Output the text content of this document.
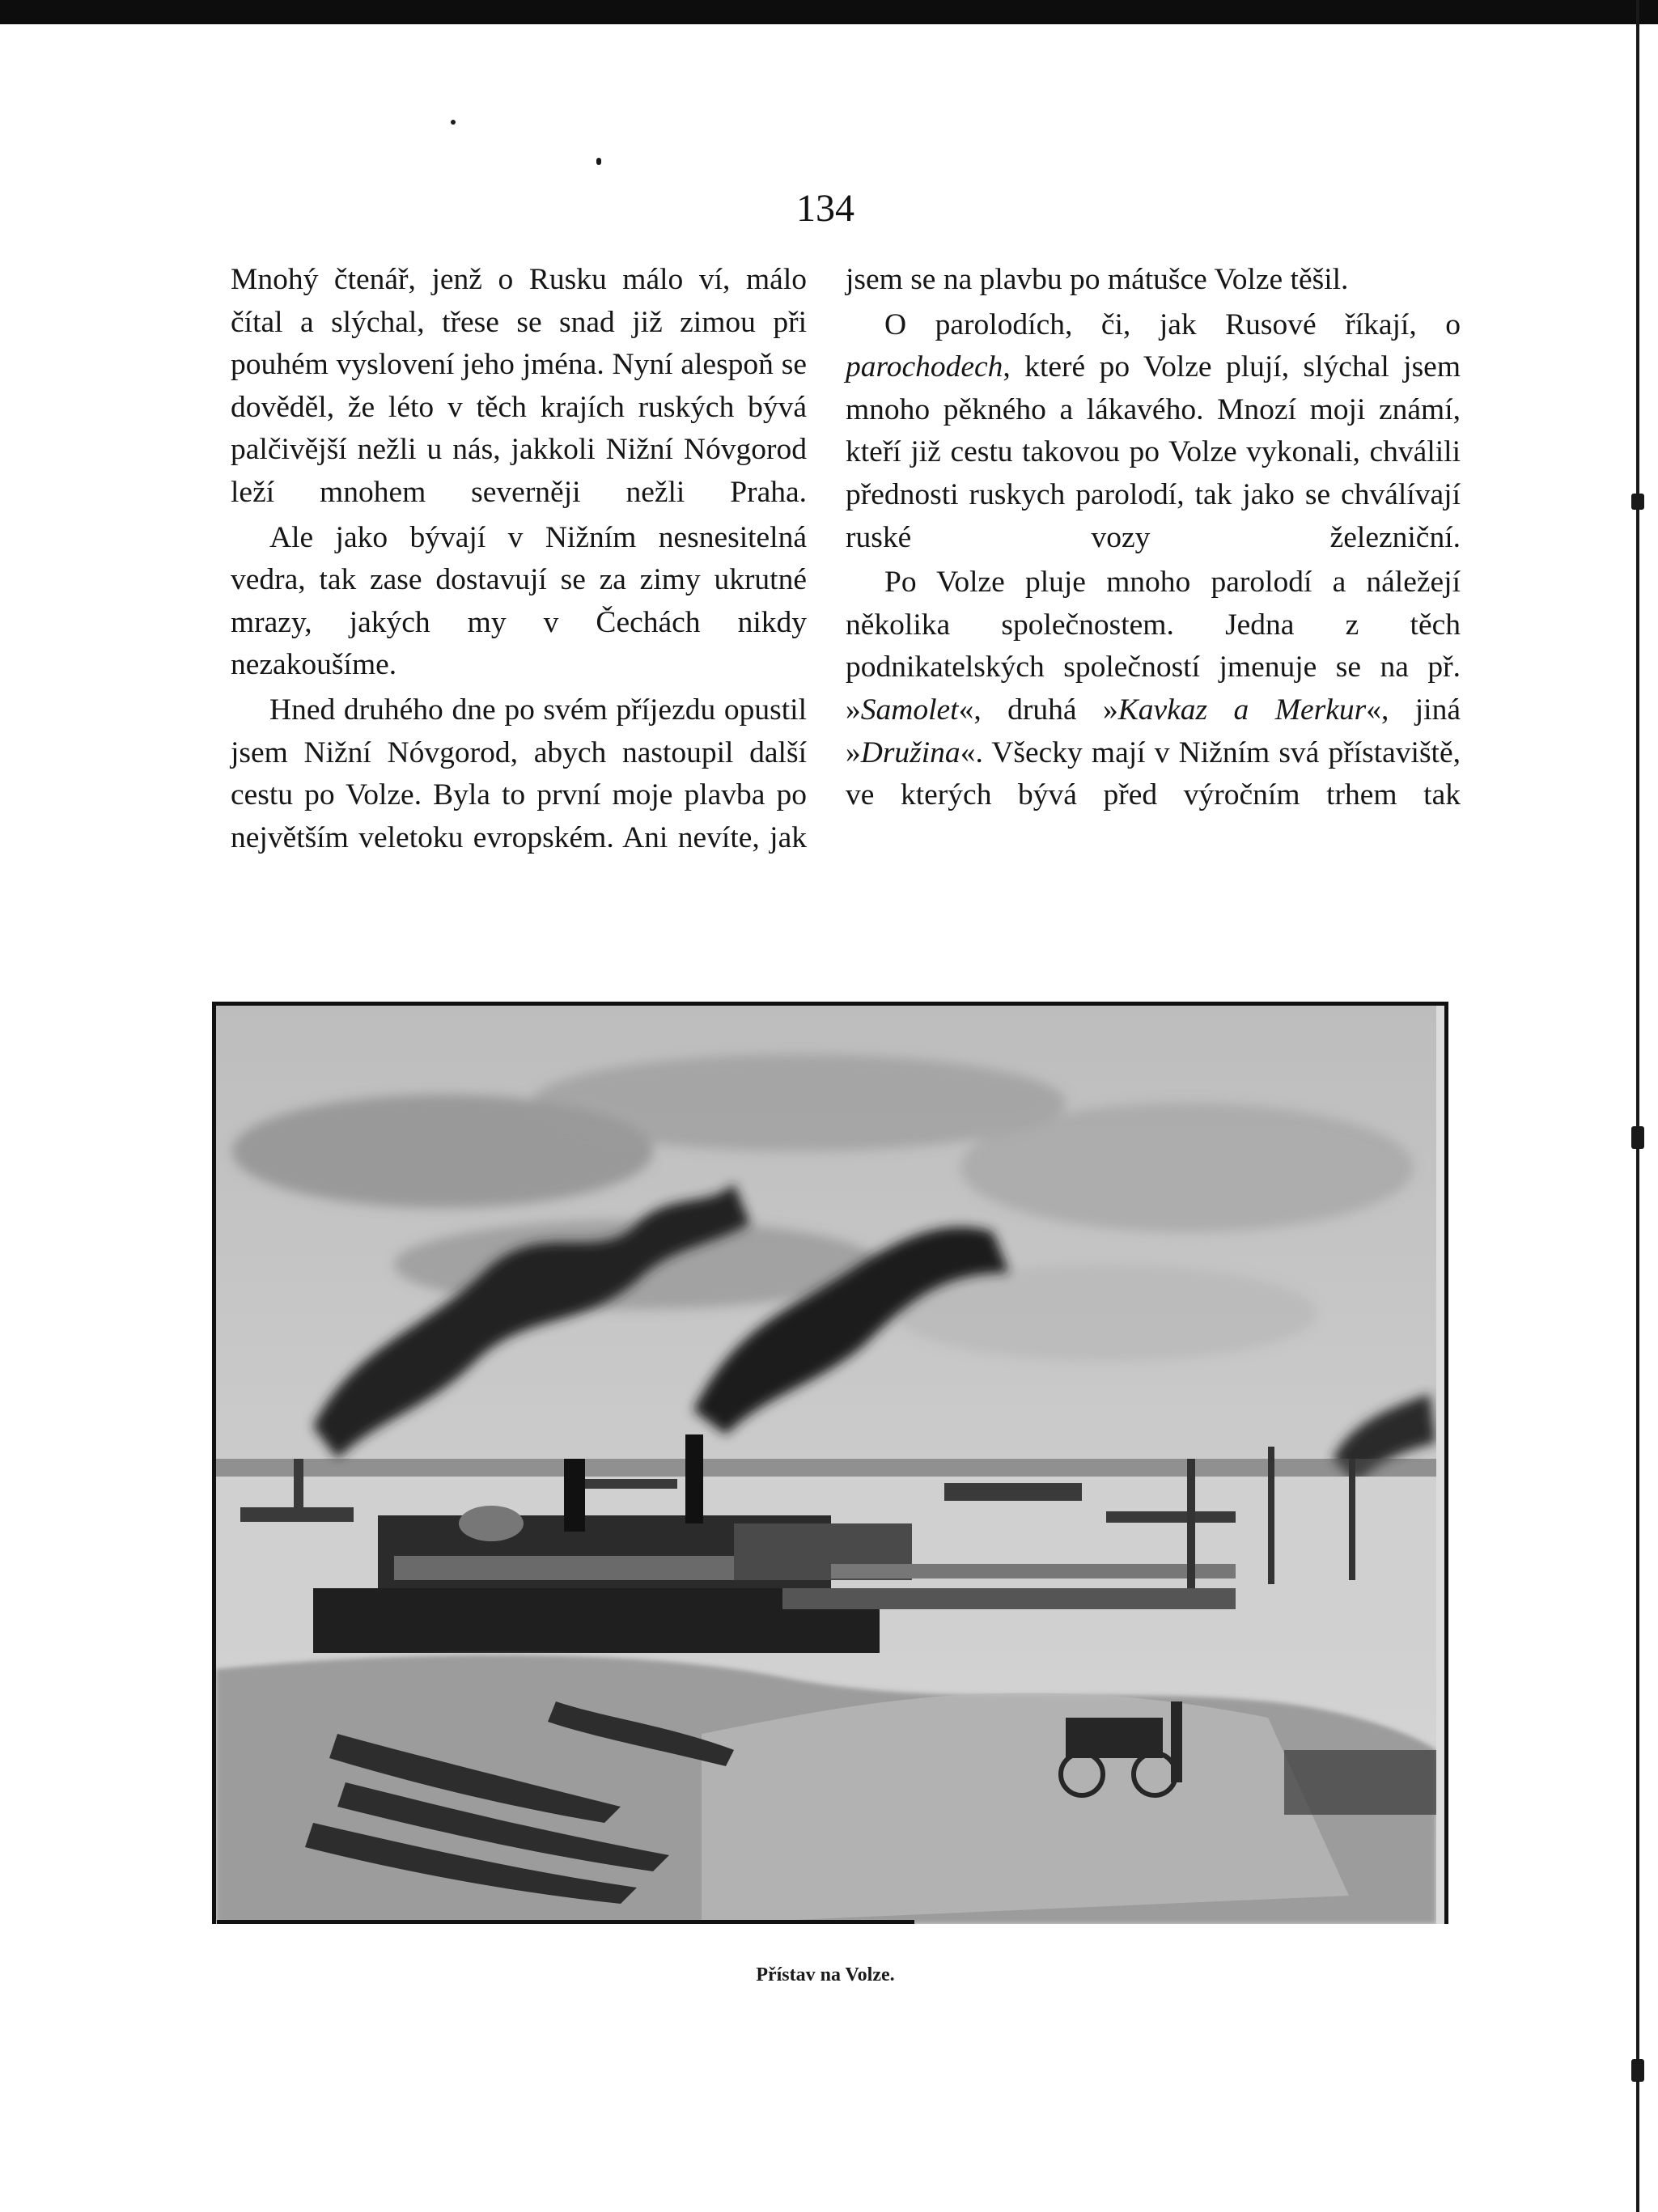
134

Mnohý čtenář, jenž o Rusku málo ví, málo čítal a slýchal, třese se snad již zimou při pouhém vyslovení jeho jména. Nyní alespoň se dověděl, že léto v těch krajích ruských bývá palčivější nežli u nás, jakkoli Nižní Nóvgorod leží mnohem severněji nežli Praha.

Ale jako bývají v Nižním nesnesitelná vedra, tak zase dostavují se za zimy ukrutné mrazy, jakých my v Čechách nikdy nezakoušíme.

Hned druhého dne po svém příjezdu opustil jsem Nižní Nóvgorod, abych nastoupil další cestu po Volze. Byla to první moje plavba po největším veletoku evropském. Ani nevíte, jak

jsem se na plavbu po mátušce Volze těšil.

O parolodích, či, jak Rusové říkají, o parochodech, které po Volze plují, slýchal jsem mnoho pěkného a lákavého. Mnozí moji známí, kteří již cestu takovou po Volze vykonali, chválili přednosti ruskych parolodí, tak jako se chválívají ruské vozy železniční.

Po Volze pluje mnoho parolodí a náležejí několika společnostem. Jedna z těch podnikatelských společností jmenuje se na př. »Samolet«, druhá »Kavkaz a Merkur«, jiná »Družina«. Všecky mají v Nižním svá přístaviště, ve kterých bývá před výročním trhem tak

Přístav na Volze.
